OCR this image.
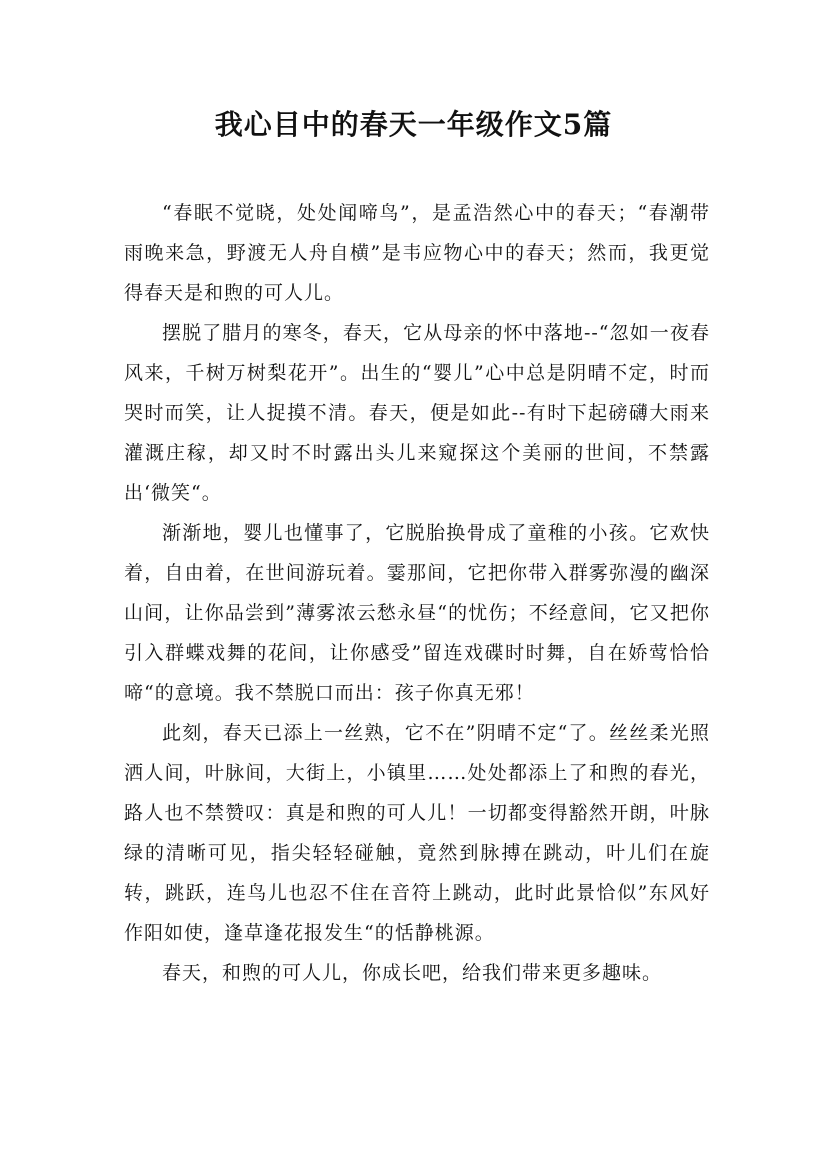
我心目中的春天一年级作文5篇

“春眠不觉晓，处处闻啼鸟”，是孟浩然心中的春天；“春潮带雨晚来急，野渡无人舟自横”是韦应物心中的春天；然而，我更觉得春天是和煦的可人儿。

摆脱了腊月的寒冬，春天，它从母亲的怀中落地--“忽如一夜春风来，千树万树梨花开”。出生的“婴儿”心中总是阴晴不定，时而哭时而笑，让人捉摸不清。春天，便是如此--有时下起磅礴大雨来灌溉庄稼，却又时不时露出头儿来窥探这个美丽的世间，不禁露出‘微笑“。

渐渐地，婴儿也懂事了，它脱胎换骨成了童稚的小孩。它欢快着，自由着，在世间游玩着。霎那间，它把你带入群雾弥漫的幽深山间，让你品尝到”薄雾浓云愁永昼“的忧伤；不经意间，它又把你引入群蝶戏舞的花间，让你感受”留连戏碟时时舞，自在娇莺恰恰啼“的意境。我不禁脱口而出：孩子你真无邪！

此刻，春天已添上一丝熟，它不在”阴晴不定“了。丝丝柔光照洒人间，叶脉间，大街上，小镇里……处处都添上了和煦的春光，路人也不禁赞叹：真是和煦的可人儿！一切都变得豁然开朗，叶脉绿的清晰可见，指尖轻轻碰触，竟然到脉搏在跳动，叶儿们在旋转，跳跃，连鸟儿也忍不住在音符上跳动，此时此景恰似”东风好作阳如使，逢草逢花报发生“的恬静桃源。

春天，和煦的可人儿，你成长吧，给我们带来更多趣味。
